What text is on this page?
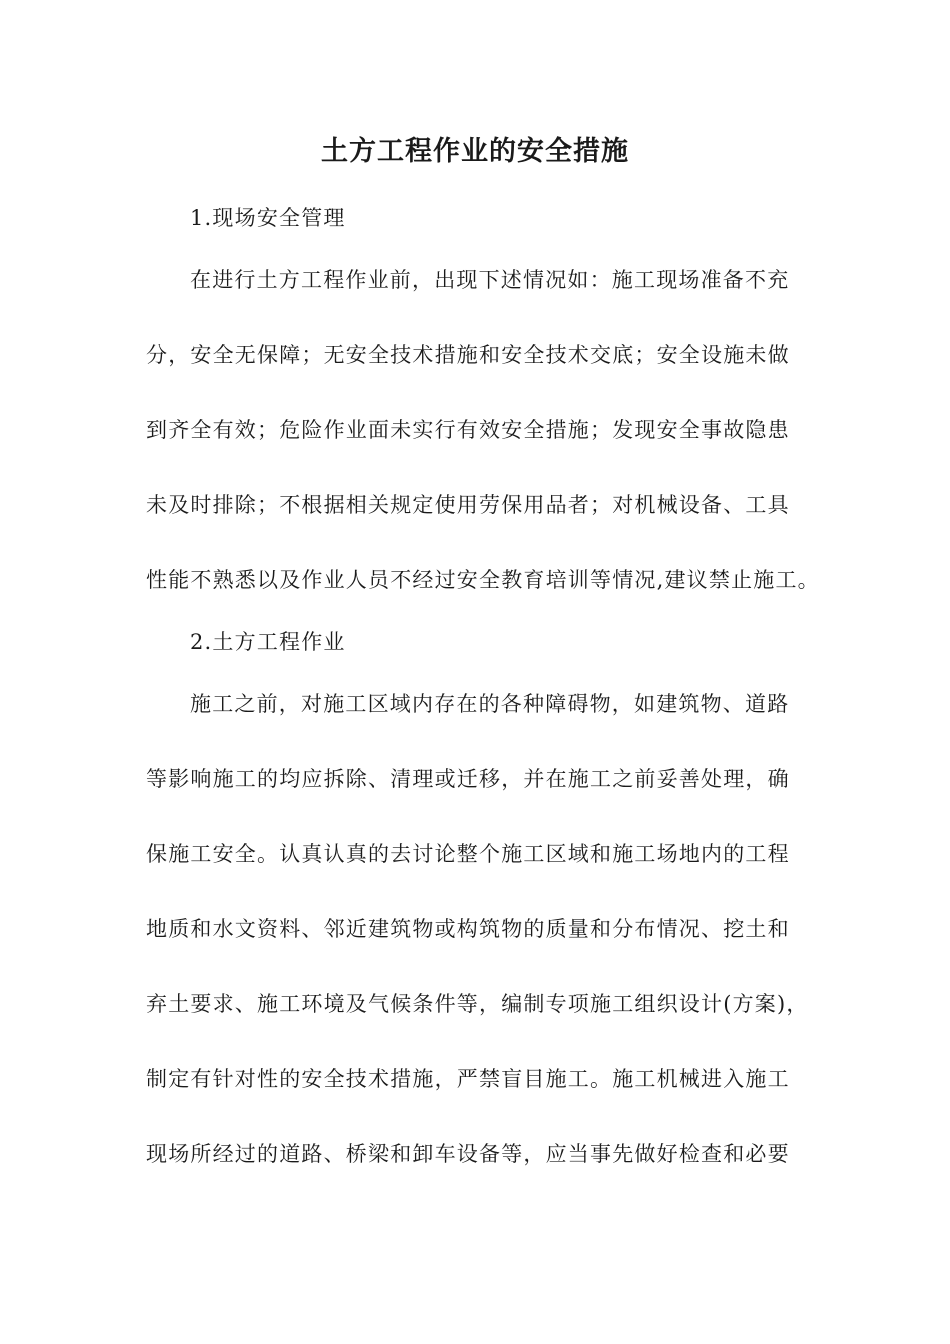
土方工程作业的安全措施

1.现场安全管理

在进行土方工程作业前，出现下述情况如：施工现场准备不充

分，安全无保障；无安全技术措施和安全技术交底；安全设施未做

到齐全有效；危险作业面未实行有效安全措施；发现安全事故隐患

未及时排除；不根据相关规定使用劳保用品者；对机械设备、工具

性能不熟悉以及作业人员不经过安全教育培训等情况,建议禁止施工。

2.土方工程作业

施工之前，对施工区域内存在的各种障碍物，如建筑物、道路

等影响施工的均应拆除、清理或迁移，并在施工之前妥善处理，确

保施工安全。认真认真的去讨论整个施工区域和施工场地内的工程

地质和水文资料、邻近建筑物或构筑物的质量和分布情况、挖土和

弃土要求、施工环境及气候条件等，编制专项施工组织设计(方案)，

制定有针对性的安全技术措施，严禁盲目施工。施工机械进入施工

现场所经过的道路、桥梁和卸车设备等，应当事先做好检查和必要
